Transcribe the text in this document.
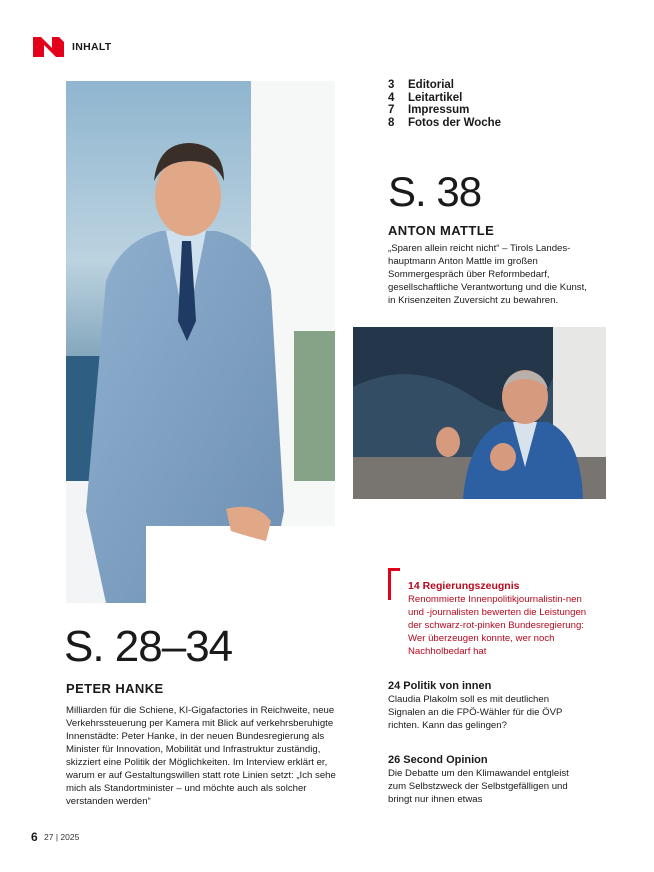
INHALT
3	Editorial
4	Leitartikel
7	Impressum
8	Fotos der Woche
S. 38
ANTON MATTLE
„Sparen allein reicht nicht“ – Tirols Landes-hauptmann Anton Mattle im großen Sommergespräch über Reformbedarf, gesellschaftliche Verantwortung und die Kunst, in Krisenzeiten Zuversicht zu bewahren.
14 Regierungszeugnis
Renommierte Innenpolitikjournalistin-nen und -journalisten bewerten die Leistungen der schwarz-rot-pinken Bundesregierung: Wer überzeugen konnte, wer noch Nachholbedarf hat
S. 28–34
PETER HANKE
Milliarden für die Schiene, KI-Gigafactories in Reichweite, neue Verkehrssteuerung per Kamera mit Blick auf verkehrsberuhigte Innenstädte: Peter Hanke, in der neuen Bundesregierung als Minister für Innovation, Mobilität und Infrastruktur zuständig, skizziert eine Politik der Möglichkeiten. Im Interview erklärt er, warum er auf Gestaltungswillen statt rote Linien setzt: „Ich sehe mich als Standortminister – und möchte auch als solcher verstanden werden“
24 Politik von innen
Claudia Plakolm soll es mit deutlichen Signalen an die FPÖ-Wähler für die ÖVP richten. Kann das gelingen?
26 Second Opinion
Die Debatte um den Klimawandel entgleist zum Selbstzweck der Selbstgefälligen und bringt nur ihnen etwas
6 27 | 2025
